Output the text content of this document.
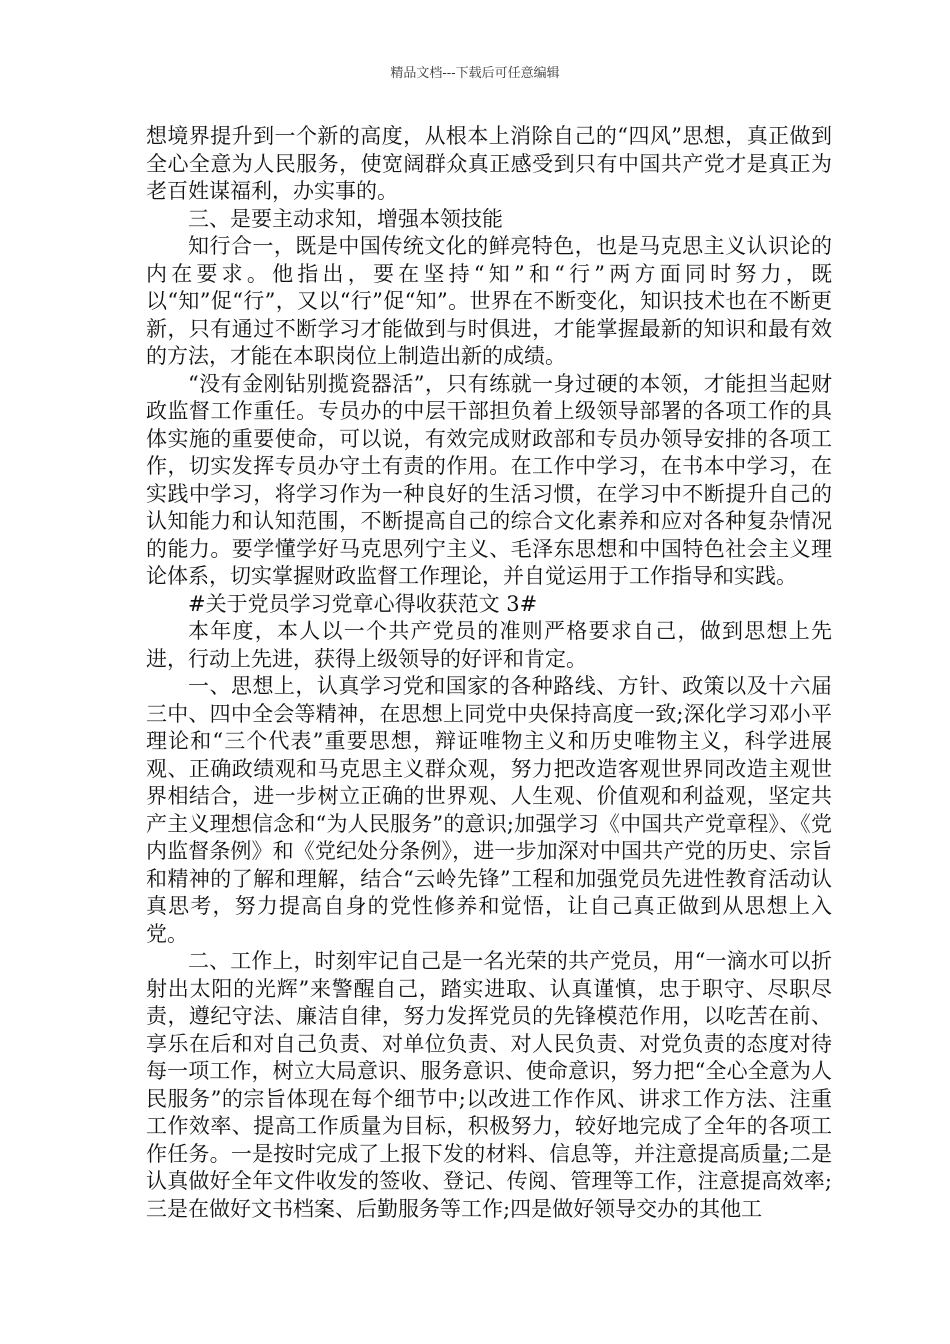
精品文档---下载后可任意编辑

想境界提升到一个新的高度，从根本上消除自己的“四风”思想，真正做到全心全意为人民服务，使宽阔群众真正感受到只有中国共产党才是真正为老百姓谋福利，办实事的。

三、是要主动求知，增强本领技能

知行合一，既是中国传统文化的鲜亮特色，也是马克思主义认识论的内在要求。他指出，要在坚持“知”和“行”两方面同时努力，既以“知”促“行”，又以“行”促“知”。世界在不断变化，知识技术也在不断更新，只有通过不断学习才能做到与时俱进，才能掌握最新的知识和最有效的方法，才能在本职岗位上制造出新的成绩。

“没有金刚钻别揽瓷器活”，只有练就一身过硬的本领，才能担当起财政监督工作重任。专员办的中层干部担负着上级领导部署的各项工作的具体实施的重要使命，可以说，有效完成财政部和专员办领导安排的各项工作，切实发挥专员办守土有责的作用。在工作中学习，在书本中学习，在实践中学习，将学习作为一种良好的生活习惯，在学习中不断提升自己的认知能力和认知范围，不断提高自己的综合文化素养和应对各种复杂情况的能力。要学懂学好马克思列宁主义、毛泽东思想和中国特色社会主义理论体系，切实掌握财政监督工作理论，并自觉运用于工作指导和实践。

#关于党员学习党章心得收获范文 3#

本年度，本人以一个共产党员的准则严格要求自己，做到思想上先进，行动上先进，获得上级领导的好评和肯定。

一、思想上，认真学习党和国家的各种路线、方针、政策以及十六届三中、四中全会等精神，在思想上同党中央保持高度一致;深化学习邓小平理论和“三个代表”重要思想，辩证唯物主义和历史唯物主义，科学进展观、正确政绩观和马克思主义群众观，努力把改造客观世界同改造主观世界相结合，进一步树立正确的世界观、人生观、价值观和利益观，坚定共产主义理想信念和“为人民服务”的意识;加强学习《中国共产党章程》、《党内监督条例》和《党纪处分条例》，进一步加深对中国共产党的历史、宗旨和精神的了解和理解，结合“云岭先锋”工程和加强党员先进性教育活动认真思考，努力提高自身的党性修养和觉悟，让自己真正做到从思想上入党。

二、工作上，时刻牢记自己是一名光荣的共产党员，用“一滴水可以折射出太阳的光辉”来警醒自己，踏实进取、认真谨慎，忠于职守、尽职尽责，遵纪守法、廉洁自律，努力发挥党员的先锋模范作用，以吃苦在前、享乐在后和对自己负责、对单位负责、对人民负责、对党负责的态度对待每一项工作，树立大局意识、服务意识、使命意识，努力把“全心全意为人民服务”的宗旨体现在每个细节中;以改进工作作风、讲求工作方法、注重工作效率、提高工作质量为目标，积极努力，较好地完成了全年的各项工作任务。一是按时完成了上报下发的材料、信息等，并注意提高质量;二是认真做好全年文件收发的签收、登记、传阅、管理等工作，注意提高效率;三是在做好文书档案、后勤服务等工作;四是做好领导交办的其他工
